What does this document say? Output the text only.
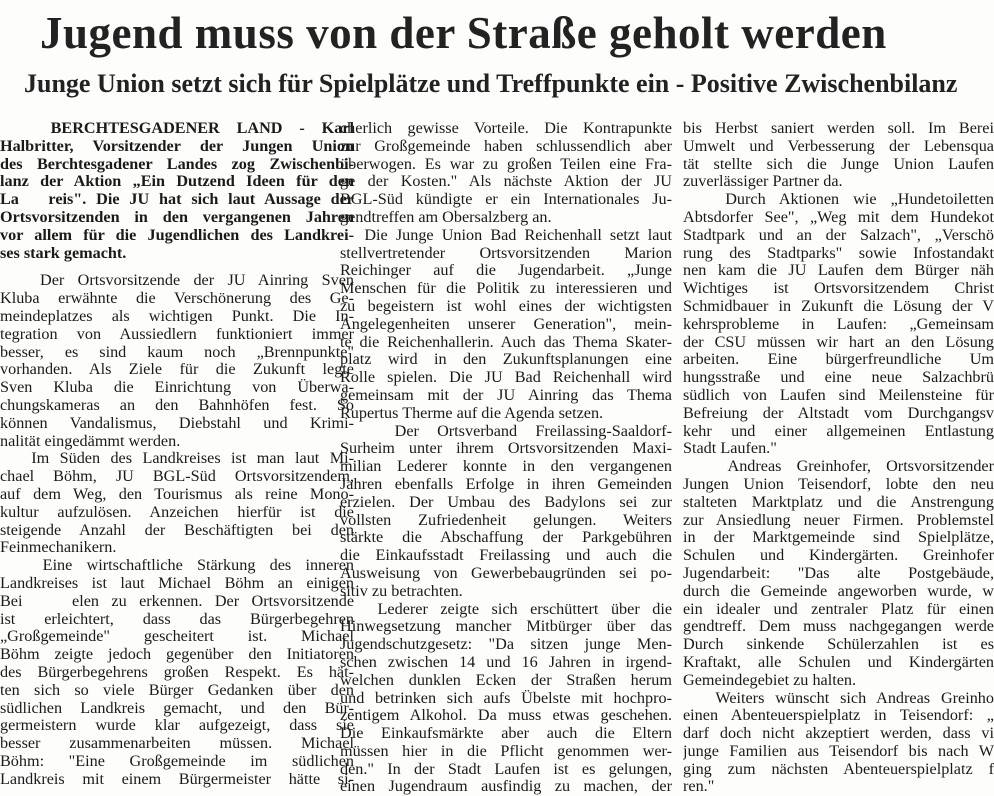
Jugend muss von der Straße geholt werden
Junge Union setzt sich für Spielplätze und Treffpunkte ein - Positive Zwischenbilanz
BERCHTESGADENER LAND - Karl
Halbritter, Vorsitzender der Jungen Union
des Berchtesgadener Landes zog Zwischenbi-
lanz der Aktion „Ein Dutzend Ideen für den
La   reis". Die JU hat sich laut Aussage der
Ortsvorsitzenden in den vergangenen Jahren
vor allem für die Jugendlichen des Landkrei-
ses stark gemacht.
Der Ortsvorsitzende der JU Ainring Sven
Kluba erwähnte die Verschönerung des Ge-
meindeplatzes als wichtigen Punkt. Die In-
tegration von Aussiedlern funktioniert immer
besser, es sind kaum noch „Brennpunkte"
vorhanden. Als Ziele für die Zukunft legte
Sven Kluba die Einrichtung von Überwa-
chungskameras an den Bahnhöfen fest. So
können Vandalismus, Diebstahl und Krimi-
nalität eingedämmt werden.
Im Süden des Landkreises ist man laut Mi-
chael Böhm, JU BGL-Süd Ortsvorsitzendem,
auf dem Weg, den Tourismus als reine Mono-
kultur aufzulösen. Anzeichen hierfür ist die
steigende Anzahl der Beschäftigten bei den
Feinmechanikern.
Eine wirtschaftliche Stärkung des inneren
Landkreises ist laut Michael Böhm an einigen
Bei    elen zu erkennen. Der Ortsvorsitzende
ist erleichtert, dass das Bürgerbegehren
„Großgemeinde" gescheitert ist. Michael
Böhm zeigte jedoch gegenüber den Initiatoren
des Bürgerbegehrens großen Respekt. Es hät-
ten sich so viele Bürger Gedanken über den
südlichen Landkreis gemacht, und den Bür-
germeistern wurde klar aufgezeigt, dass sie
besser zusammenarbeiten müssen. Michael
Böhm: "Eine Großgemeinde im südlichen
Landkreis mit einem Bürgermeister hätte si-
cherlich gewisse Vorteile. Die Kontrapunkte
zur Großgemeinde haben schlussendlich aber
überwogen. Es war zu großen Teilen eine Fra-
ge der Kosten." Als nächste Aktion der JU
BGL-Süd kündigte er ein Internationales Ju-
gendtreffen am Obersalzberg an.
Die Junge Union Bad Reichenhall setzt laut
stellvertretender Ortsvorsitzenden Marion
Reichinger auf die Jugendarbeit. „Junge
Menschen für die Politik zu interessieren und
zu begeistern ist wohl eines der wichtigsten
Angelegenheiten unserer Generation", mein-
te die Reichenhallerin. Auch das Thema Skater-
platz wird in den Zukunftsplanungen eine
Rolle spielen. Die JU Bad Reichenhall wird
gemeinsam mit der JU Ainring das Thema
Rupertus Therme auf die Agenda setzen.
Der Ortsverband Freilassing-Saaldorf-
Surheim unter ihrem Ortsvorsitzenden Maxi-
milian Lederer konnte in den vergangenen
Jahren ebenfalls Erfolge in ihren Gemeinden
erzielen. Der Umbau des Badylons sei zur
vollsten Zufriedenheit gelungen. Weiters
stärkte die Abschaffung der Parkgebühren
die Einkaufsstadt Freilassing und auch die
Ausweisung von Gewerbebaugründen sei po-
sitiv zu betrachten.
Lederer zeigte sich erschüttert über die
Hinwegsetzung mancher Mitbürger über das
Jugendschutzgesetz: "Da sitzen junge Men-
schen zwischen 14 und 16 Jahren in irgend-
welchen dunklen Ecken der Straßen herum
und betrinken sich aufs Übelste mit hochpro-
zentigem Alkohol. Da muss etwas geschehen.
Die Einkaufsmärkte aber auch die Eltern
müssen hier in die Pflicht genommen wer-
den." In der Stadt Laufen ist es gelungen,
einen Jugendraum ausfindig zu machen, der
bis Herbst saniert werden soll. Im Berei
Umwelt und Verbesserung der Lebensqua
tät stellte sich die Junge Union Laufen
zuverlässiger Partner da.
Durch Aktionen wie „Hundetoiletten
Abtsdorfer See", „Weg mit dem Hundekot
Stadtpark und an der Salzach", „Verschö
rung des Stadtparks" sowie Infostandakt
nen kam die JU Laufen dem Bürger näh
Wichtiges ist Ortsvorsitzendem Christ
Schmidbauer in Zukunft die Lösung der V
kehrsprobleme in Laufen: „Gemeinsam
der CSU müssen wir hart an den Lösung
arbeiten. Eine bürgerfreundliche Um
hungsstraße und eine neue Salzachbrü
südlich von Laufen sind Meilensteine für
Befreiung der Altstadt vom Durchgangsv
kehr und einer allgemeinen Entlastung
Stadt Laufen."
Andreas Greinhofer, Ortsvorsitzender
Jungen Union Teisendorf, lobte den neu
stalteten Marktplatz und die Anstrengung
zur Ansiedlung neuer Firmen. Problemstel
in der Marktgemeinde sind Spielplätze,
Schulen und Kindergärten. Greinhofer
Jugendarbeit: "Das alte Postgebäude,
durch die Gemeinde angeworben wurde, w
ein idealer und zentraler Platz für einen
gendtreff. Dem muss nachgegangen werde
Durch sinkende Schülerzahlen ist es
Kraftakt, alle Schulen und Kindergärten
Gemeindegebiet zu halten.
Weiters wünscht sich Andreas Greinho
einen Abenteuerspielplatz in Teisendorf: „
darf doch nicht akzeptiert werden, dass vi
junge Familien aus Teisendorf bis nach W
ging zum nächsten Abenteuerspielplatz f
ren."
